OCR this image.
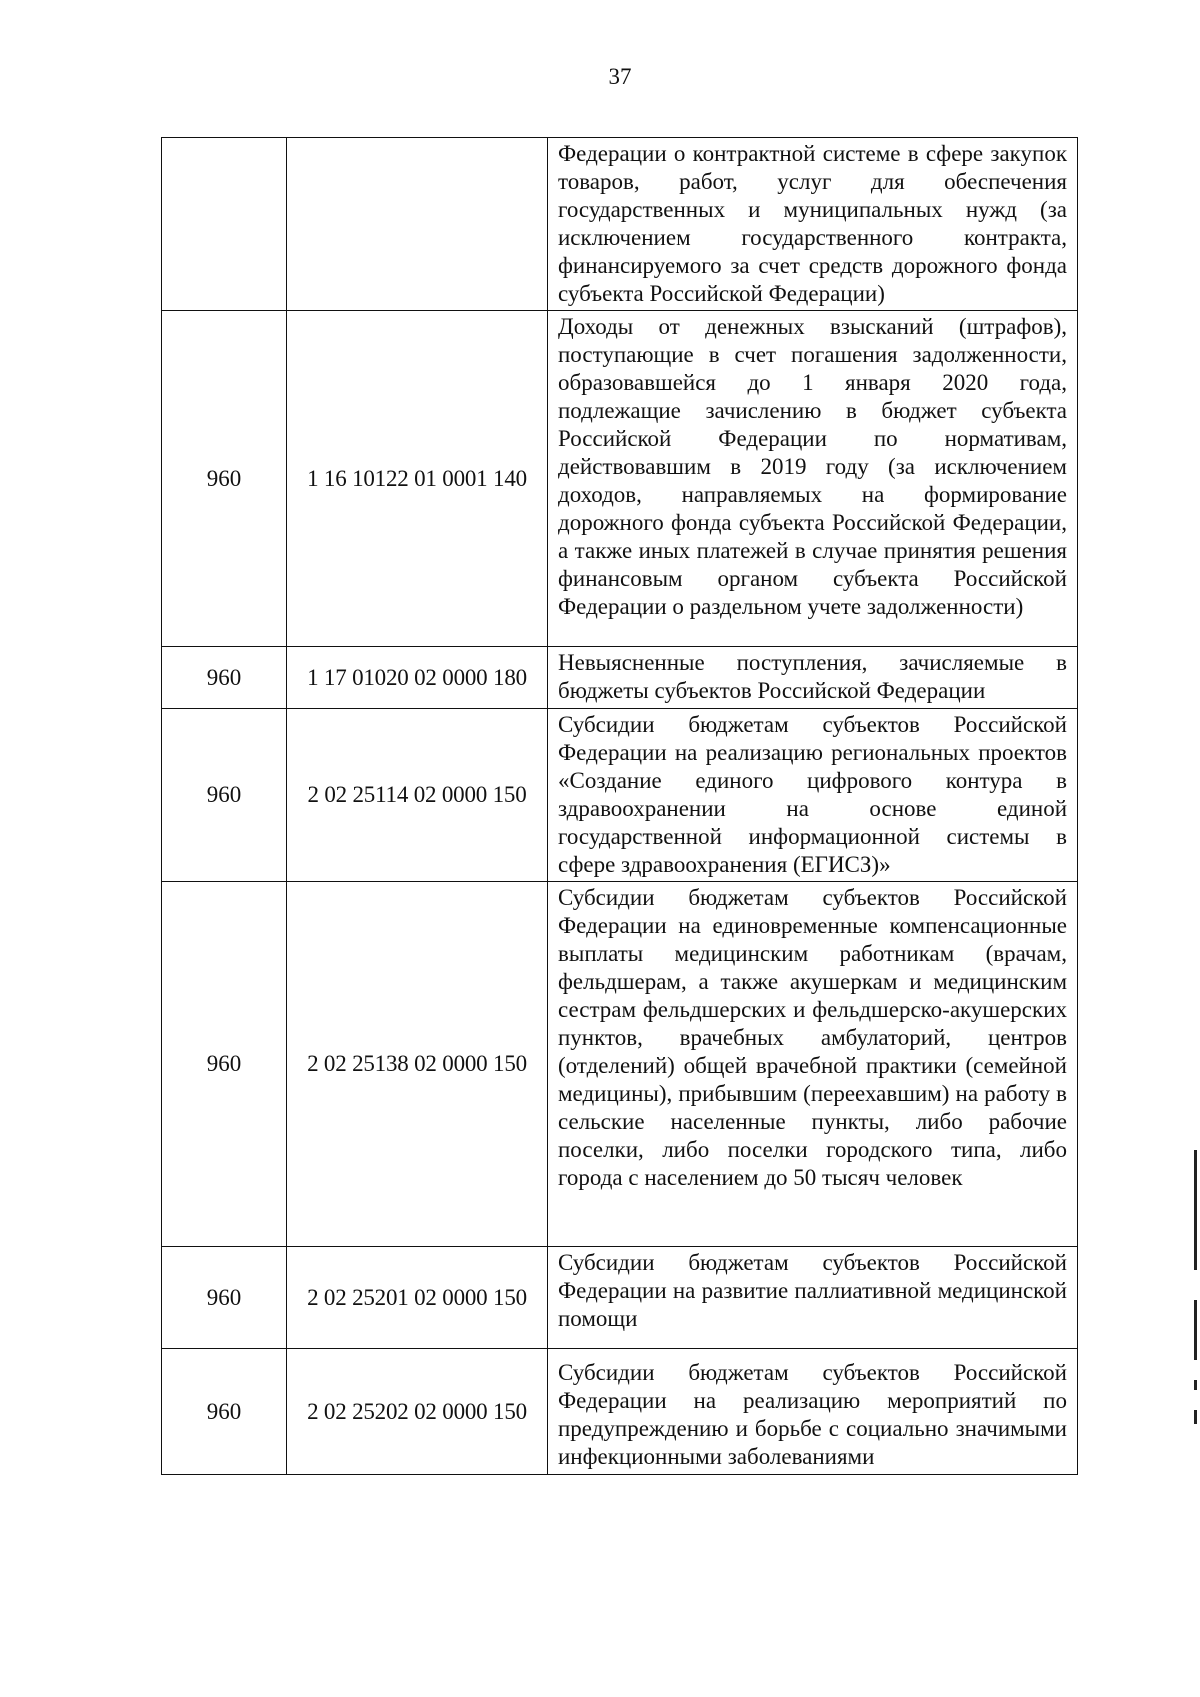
37
		Федерации о контрактной системе в сфере закупок товаров, работ, услуг для обеспечения государственных и муниципальных нужд (за исключением государственного контракта, финансируемого за счет средств дорожного фонда субъекта Российской Федерации)
960	1 16 10122 01 0001 140	Доходы от денежных взысканий (штрафов), поступающие в счет погашения задолженности, образовавшейся до 1 января 2020 года, подлежащие зачислению в бюджет субъекта Российской Федерации по нормативам, действовавшим в 2019 году (за исключением доходов, направляемых на формирование дорожного фонда субъекта Российской Федерации, а также иных платежей в случае принятия решения финансовым органом субъекта Российской Федерации о раздельном учете задолженности)
960	1 17 01020 02 0000 180	Невыясненные поступления, зачисляемые в бюджеты субъектов Российской Федерации
960	2 02 25114 02 0000 150	Субсидии бюджетам субъектов Российской Федерации на реализацию региональных проектов «Создание единого цифрового контура в здравоохранении на основе единой государственной информационной системы в сфере здравоохранения (ЕГИСЗ)»
960	2 02 25138 02 0000 150	Субсидии бюджетам субъектов Российской Федерации на единовременные компенсационные выплаты медицинским работникам (врачам, фельдшерам, а также акушеркам и медицинским сестрам фельдшерских и фельдшерско-акушерских пунктов, врачебных амбулаторий, центров (отделений) общей врачебной практики (семейной медицины), прибывшим (переехавшим) на работу в сельские населенные пункты, либо рабочие поселки, либо поселки городского типа, либо города с населением до 50 тысяч человек
960	2 02 25201 02 0000 150	Субсидии бюджетам субъектов Российской Федерации на развитие паллиативной медицинской помощи
960	2 02 25202 02 0000 150	Субсидии бюджетам субъектов Российской Федерации на реализацию мероприятий по предупреждению и борьбе с социально значимыми инфекционными заболеваниями
